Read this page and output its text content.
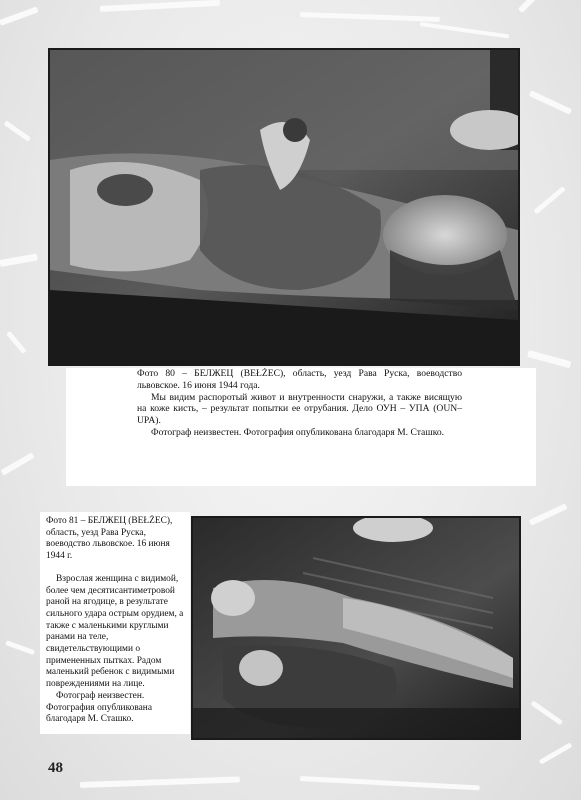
Фото 80 – БЕЛЖЕЦ (BEŁŻEC), область, уезд Рава Руска, воеводство львовское. 16 июня 1944 года.

Мы видим распоротый живот и внутренности снаружи, а также висящую на коже кисть, – результат попытки ее отрубания. Дело ОУН – УПА (OUN–UPA).

Фотограф неизвестен. Фотография опубликована благодаря М. Сташко.

Фото 81 – БЕЛЖЕЦ (BEŁŻEC), область, уезд Рава Руска, воеводство львовское. 16 июня 1944 г.

Взрослая женщина с видимой, более чем десятисантиметровой раной на ягодице, в результате сильного удара острым орудием, а также с маленькими круглыми ранами на теле, свидетельствующими о примененных пытках. Радом маленький ребенок с видимыми повреждениями на лице.

Фотограф неизвестен. Фотография опубликована благодаря М. Сташко.

48
